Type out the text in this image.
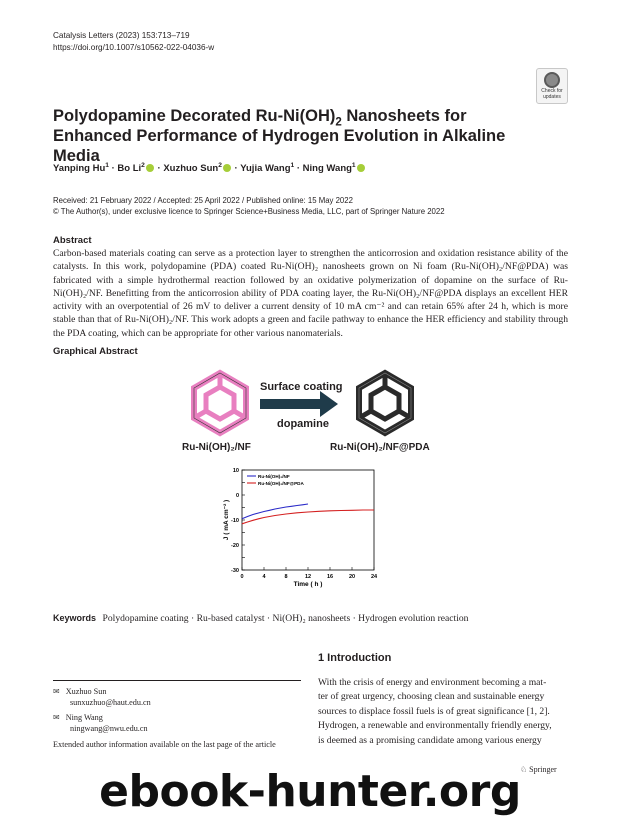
Catalysis Letters (2023) 153:713–719
https://doi.org/10.1007/s10562-022-04036-w
Check for
updates
Polydopamine Decorated $Ru-Ni(OH)_2$ Nanosheets for Enhanced Performance of Hydrogen Evolution in Alkaline Media
Yanping $Hu^1 \cdot Bo$ $Li^2$ · Xuzhuo Sun$^2$ · Yujia Wang$^1$ · Ning Wang$^1$
Received: 21 February 2022 / Accepted: 25 April 2022 / Published online: 15 May 2022
© The Author(s), under exclusive licence to Springer Science+Business Media, LLC, part of Springer Nature 2022
Abstract
Carbon-based materials coating can serve as a protection layer to strengthen the anticorrosion and oxidation resistance ability of the catalysts. In this work, polydopamine (PDA) coated Ru-Ni(OH)₂ nanosheets grown on Ni foam (Ru-Ni(OH)₂/NF@PDA) was fabricated with a simple hydrothermal reaction followed by an oxidative polymerization of dopamine on the surface of Ru-Ni(OH)₂/NF. Benefitting from the anticorrosion ability of PDA coating layer, the Ru-Ni(OH)₂/NF@PDA displays an excellent HER activity with an overpotential of 26 mV to deliver a current density of 10 mA cm⁻² and can retain 65% after 24 h, which is more stable than that of Ru-Ni(OH)₂/NF. This work adopts a green and facile pathway to enhance the HER efficiency and stability through the PDA coating, which can be appropriate for other various nanomaterials.
Graphical Abstract
Surface coating
dopamine
Ru-Ni(OH)₂/NF	Ru-Ni(OH)₂/NF@PDA
0	4	8	12	16	20	24
10
0
-10
-20
-30
Time ( h )
J ( mA cm⁻² )
Ru-Ni(OH)₂/NF
Ru-Ni(OH)₂/NF@PDA
Keywords Polydopamine coating · Ru-based catalyst · Ni(OH)₂ nanosheets · Hydrogen evolution reaction
1 Introduction
With the crisis of energy and environment becoming a mat-
ter of great urgency, choosing clean and sustainable energy
sources to displace fossil fuels is of great significance [1, 2].
Hydrogen, a renewable and environmentally friendly energy,
is deemed as a promising candidate among various energy
✉ Xuzhuo Sun
sunxuzhuo@haut.edu.cn
✉ Ning Wang
ningwang@nwu.edu.cn
Extended author information available on the last page of the article
♘ Springer
ebook-hunter.org
